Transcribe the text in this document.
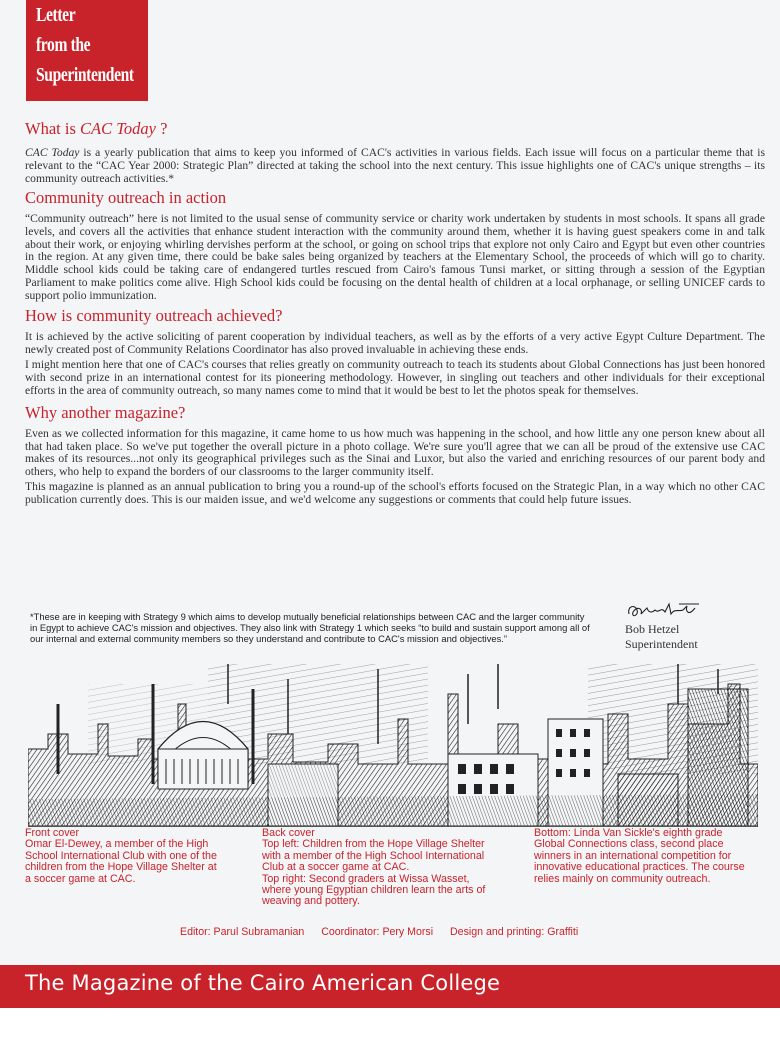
Letter
from the
Superintendent
What is CAC Today ?

CAC Today is a yearly publication that aims to keep you informed of CAC's activities in various fields. Each issue will focus on a particular theme that is relevant to the “CAC Year 2000: Strategic Plan” directed at taking the school into the next century. This issue highlights one of CAC's unique strengths – its community outreach activities.*

Community outreach in action

“Community outreach” here is not limited to the usual sense of community service or charity work undertaken by students in most schools. It spans all grade levels, and covers all the activities that enhance student interaction with the community around them, whether it is having guest speakers come in and talk about their work, or enjoying whirling dervishes perform at the school, or going on school trips that explore not only Cairo and Egypt but even other countries in the region. At any given time, there could be bake sales being organized by teachers at the Elementary School, the proceeds of which will go to charity. Middle school kids could be taking care of endangered turtles rescued from Cairo's famous Tunsi market, or sitting through a session of the Egyptian Parliament to make politics come alive. High School kids could be focusing on the dental health of children at a local orphanage, or selling UNICEF cards to support polio immunization.

How is community outreach achieved?

It is achieved by the active soliciting of parent cooperation by individual teachers, as well as by the efforts of a very active Egypt Culture Department. The newly created post of Community Relations Coordinator has also proved invaluable in achieving these ends.

I might mention here that one of CAC's courses that relies greatly on community outreach to teach its students about Global Connections has just been honored with second prize in an international contest for its pioneering methodology. However, in singling out teachers and other individuals for their exceptional efforts in the area of community outreach, so many names come to mind that it would be best to let the photos speak for themselves.

Why another magazine?

Even as we collected information for this magazine, it came home to us how much was happening in the school, and how little any one person knew about all that had taken place. So we've put together the overall picture in a photo collage. We're sure you'll agree that we can all be proud of the extensive use CAC makes of its resources...not only its geographical privileges such as the Sinai and Luxor, but also the varied and enriching resources of our parent body and others, who help to expand the borders of our classrooms to the larger community itself.

This magazine is planned as an annual publication to bring you a round-up of the school's efforts focused on the Strategic Plan, in a way which no other CAC publication currently does. This is our maiden issue, and we'd welcome any suggestions or comments that could help future issues.

*These are in keeping with Strategy 9 which aims to develop mutually beneficial relationships between CAC and the larger community in Egypt to achieve CAC's mission and objectives. They also link with Strategy 1 which seeks “to build and sustain support among all of our internal and external community members so they understand and contribute to CAC's mission and objectives.”
Bob Hetzel
Superintendent
Front cover
Omar El-Dewey, a member of the High
School International Club with one of the
children from the Hope Village Shelter at
a soccer game at CAC.
Back cover
Top left: Children from the Hope Village Shelter
with a member of the High School International
Club at a soccer game at CAC.
Top right: Second graders at Wissa Wasset,
where young Egyptian children learn the arts of
weaving and pottery.
Bottom: Linda Van Sickle's eighth grade
Global Connections class, second place
winners in an international competition for
innovative educational practices. The course
relies mainly on community outreach.
Editor: Parul Subramanian Coordinator: Pery Morsi Design and printing: Graffiti
The Magazine of the Cairo American College
